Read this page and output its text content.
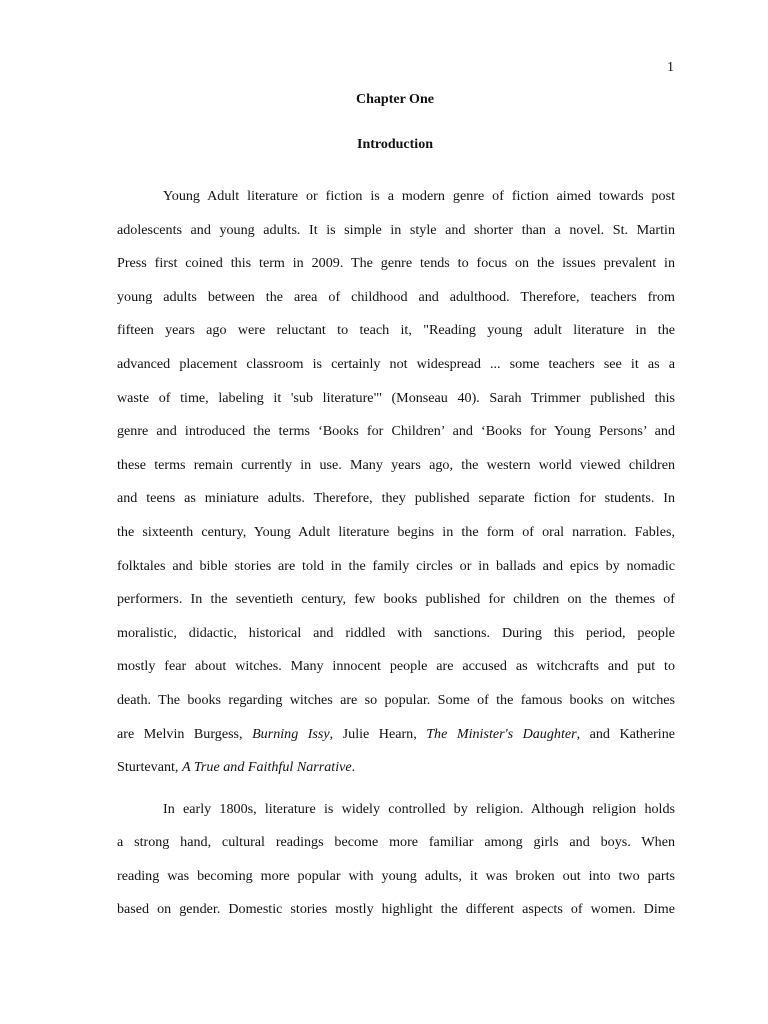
1
Chapter One
Introduction
Young Adult literature or fiction is a modern genre of fiction aimed towards post
adolescents and young adults. It is simple in style and shorter than a novel. St. Martin
Press first coined this term in 2009. The genre tends to focus on the issues prevalent in
young adults between the area of childhood and adulthood. Therefore, teachers from
fifteen years ago were reluctant to teach it, "Reading young adult literature in the
advanced placement classroom is certainly not widespread ... some teachers see it as a
waste of time, labeling it 'sub literature"' (Monseau 40). Sarah Trimmer published this
genre and introduced the terms ‘Books for Children’ and ‘Books for Young Persons’ and
these terms remain currently in use. Many years ago, the western world viewed children
and teens as miniature adults. Therefore, they published separate fiction for students. In
the sixteenth century, Young Adult literature begins in the form of oral narration. Fables,
folktales and bible stories are told in the family circles or in ballads and epics by nomadic
performers. In the seventieth century, few books published for children on the themes of
moralistic, didactic, historical and riddled with sanctions. During this period, people
mostly fear about witches. Many innocent people are accused as witchcrafts and put to
death. The books regarding witches are so popular. Some of the famous books on witches
are Melvin Burgess, Burning Issy, Julie Hearn, The Minister's Daughter, and Katherine
Sturtevant, A True and Faithful Narrative.
In early 1800s, literature is widely controlled by religion. Although religion holds
a strong hand, cultural readings become more familiar among girls and boys. When
reading was becoming more popular with young adults, it was broken out into two parts
based on gender. Domestic stories mostly highlight the different aspects of women. Dime
